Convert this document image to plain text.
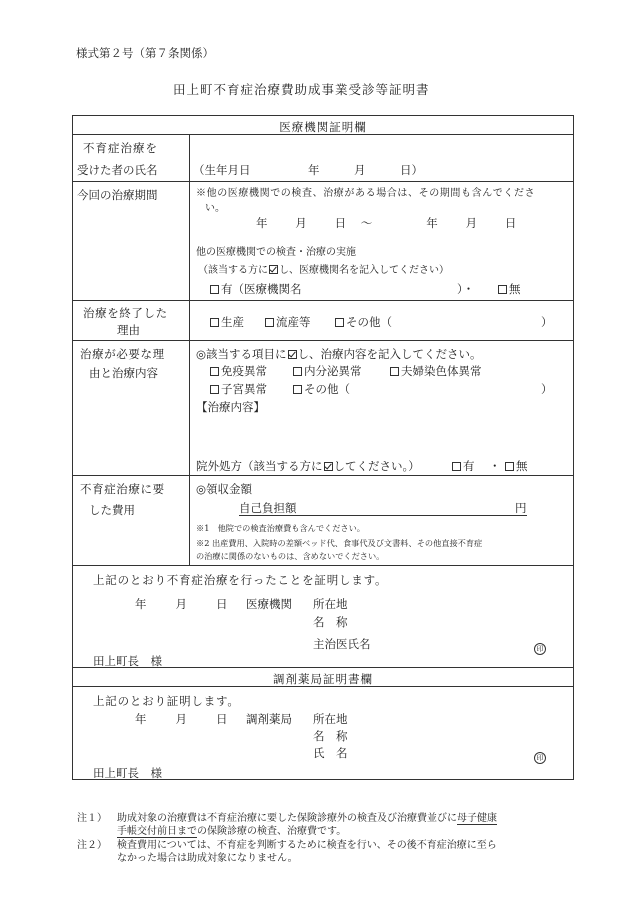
様式第２号（第７条関係）
田上町不育症治療費助成事業受診等証明書
医療機関証明欄
不育症治療を
受けた者の氏名	（生年月日　　　　　年　　　月　　　日）
今回の治療期間	※他の医療機関での検査、治療がある場合は、その期間も含んでくださ
い。
年　　月　　日　～　　　　年　　月　　日
他の医療機関での検査・治療の実施
（該当する方に し、医療機関名を記入してください）
有（医療機関名	）・	無
治療を終了した
理由
生産	流産等	その他（	）
治療が必要な理
由と治療内容
◎該当する項目に し、治療内容を記入してください。
免疫異常	内分泌異常	夫婦染色体異常
子宮異常	その他（	）
【治療内容】
院外処方（該当する方に してください。）	有 ・	無
不育症治療に要
した費用
◎領収金額
自己負担額	円
※1　他院での検査治療費も含んでください。
※2 出産費用、入院時の差額ベッド代、食事代及び文書料、その他直接不育症
の治療に関係のないものは、含めないでください。
上記のとおり不育症治療を行ったことを証明します。
年　　月　　日 医療機関 所在地
名　称
主治医氏名	印
田上町長　様
調剤薬局証明書欄
上記のとおり証明します。
年　　月　　日 調剤薬局 所在地
名　称
氏　名	印
田上町長　様
注１） 助成対象の治療費は不育症治療に要した保険診療外の検査及び治療費並びに母子健康
手帳交付前日までの保険診療の検査、治療費です。
注２） 検査費用については、不育症を判断するために検査を行い、その後不育症治療に至ら
なかった場合は助成対象になりません。
